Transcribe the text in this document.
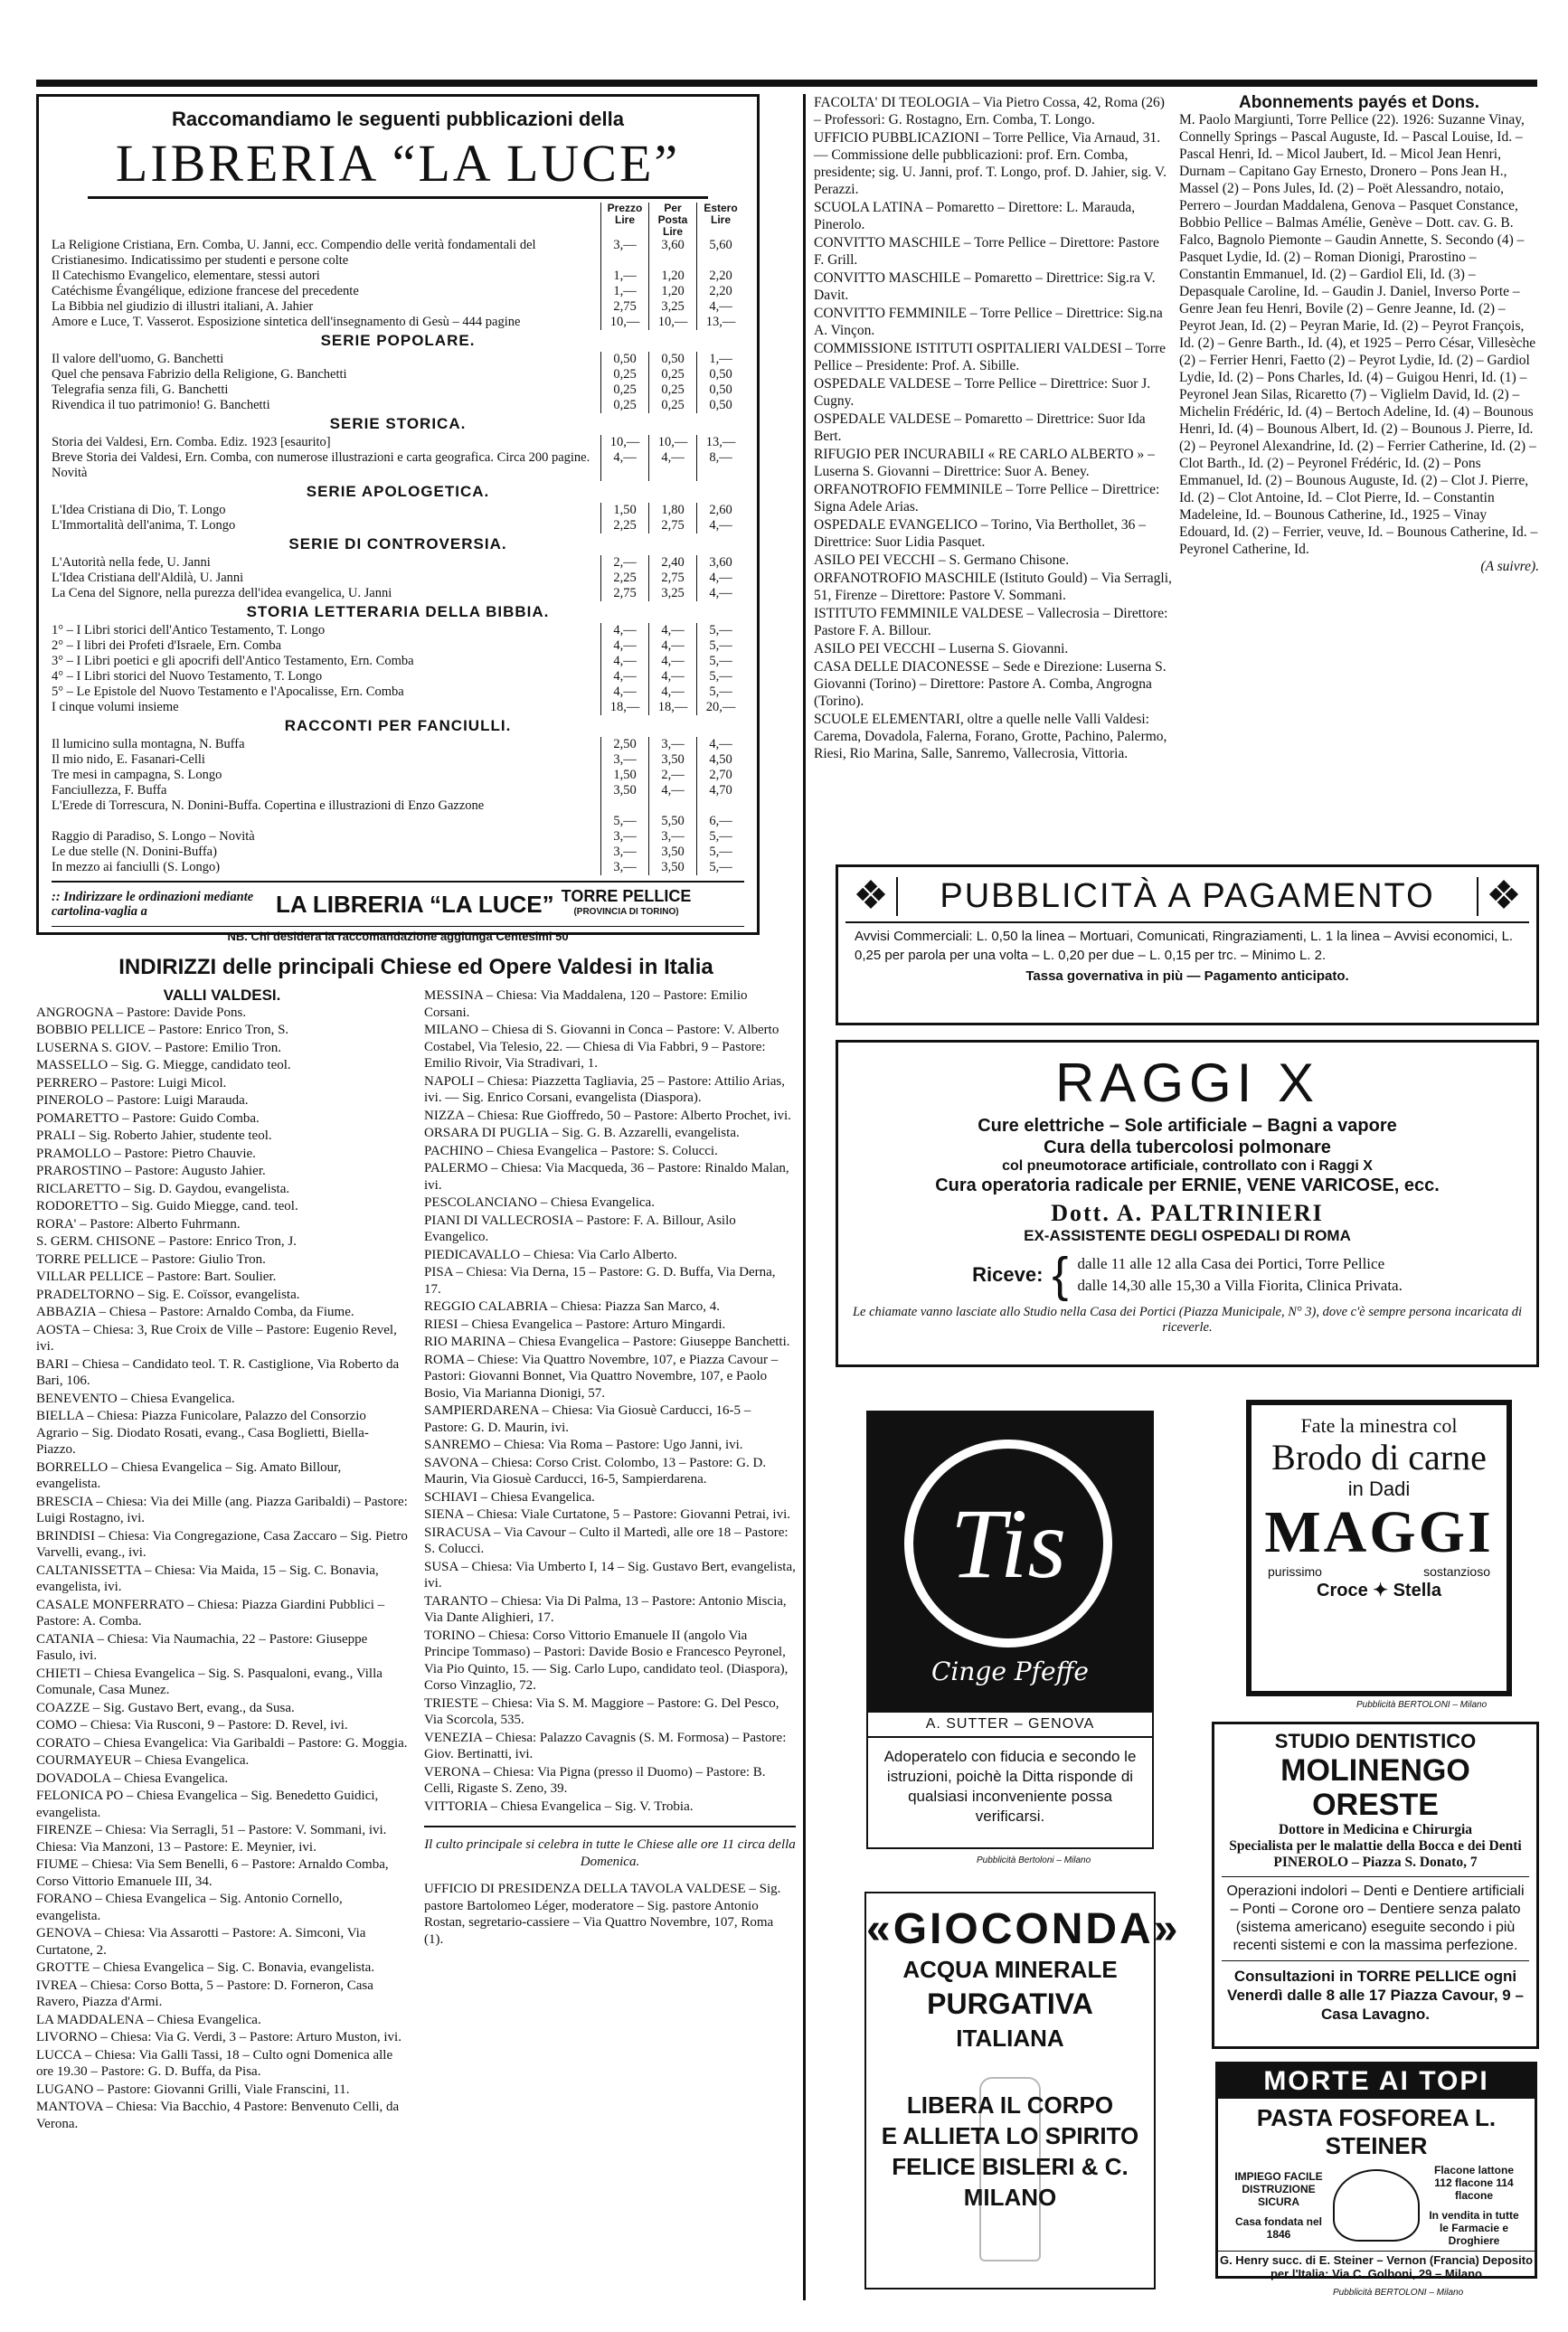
Raccomandiamo le seguenti pubblicazioni della
LIBRERIA “LA LUCE”
Prezzo Lire
Per Posta Lire
Estero Lire
La Religione Cristiana, Ern. Comba, U. Janni, ecc. Compendio delle verità fondamentali del Cristianesimo. Indicatissimo per studenti e persone colte
3,—	3,60	5,60
Il Catechismo Evangelico, elementare, stessi autori	1,—	1,20	2,20
Catéchisme Évangélique, edizione francese del precedente	1,—	1,20	2,20
La Bibbia nel giudizio di illustri italiani, A. Jahier	2,75	3,25	4,—
Amore e Luce, T. Vasserot. Esposizione sintetica dell'insegnamento di Gesù – 444 pagine	10,—	10,—	13,—
SERIE POPOLARE.
Il valore dell'uomo, G. Banchetti	0,50	0,50	1,—
Quel che pensava Fabrizio della Religione, G. Banchetti	0,25	0,25	0,50
Telegrafia senza fili, G. Banchetti	0,25	0,25	0,50
Rivendica il tuo patrimonio! G. Banchetti	0,25	0,25	0,50
SERIE STORICA.
Storia dei Valdesi, Ern. Comba. Ediz. 1923 [esaurito]	10,—	10,—	13,—
Breve Storia dei Valdesi, Ern. Comba, con numerose illustrazioni e carta geografica. Circa 200 pagine. Novità
4,—	4,—	8,—
SERIE APOLOGETICA.
L'Idea Cristiana di Dio, T. Longo	1,50	1,80	2,60
L'Immortalità dell'anima, T. Longo	2,25	2,75	4,—
SERIE DI CONTROVERSIA.
L'Autorità nella fede, U. Janni	2,—	2,40	3,60
L'Idea Cristiana dell'Aldilà, U. Janni	2,25	2,75	4,—
La Cena del Signore, nella purezza dell'idea evangelica, U. Janni	2,75	3,25	4,—
STORIA LETTERARIA DELLA BIBBIA.
1° – I Libri storici dell'Antico Testamento, T. Longo	4,—	4,—	5,—
2° – I libri dei Profeti d'Israele, Ern. Comba	4,—	4,—	5,—
3° – I Libri poetici e gli apocrifi dell'Antico Testamento, Ern. Comba	4,—	4,—	5,—
4° – I Libri storici del Nuovo Testamento, T. Longo	4,—	4,—	5,—
5° – Le Epistole del Nuovo Testamento e l'Apocalisse, Ern. Comba	4,—	4,—	5,—
I cinque volumi insieme	18,—	18,—	20,—
RACCONTI PER FANCIULLI.
Il lumicino sulla montagna, N. Buffa	2,50	3,—	4,—
Il mio nido, E. Fasanari-Celli	3,—	3,50	4,50
Tre mesi in campagna, S. Longo	1,50	2,—	2,70
Fanciullezza, F. Buffa	3,50	4,—	4,70
L'Erede di Torrescura, N. Donini-Buffa. Copertina e illustrazioni di Enzo Gazzone
5,—	5,50	6,—
Raggio di Paradiso, S. Longo – Novità	3,—	3,—	5,—
Le due stelle (N. Donini-Buffa)	3,—	3,50	5,—
In mezzo ai fanciulli (S. Longo)	3,—	3,50	5,—
:: Indirizzare le ordinazioni mediante cartolina-vaglia a	LA LIBRERIA “LA LUCE” TORRE PELLICE
(PROVINCIA DI TORINO)
NB. Chi desidera la raccomandazione aggiunga Centesimi 50
INDIRIZZI delle principali Chiese ed Opere Valdesi in Italia
VALLI VALDESI.
ANGROGNA – Pastore: Davide Pons.
BOBBIO PELLICE – Pastore: Enrico Tron, S.
LUSERNA S. GIOV. – Pastore: Emilio Tron.
MASSELLO – Sig. G. Miegge, candidato teol.
PERRERO – Pastore: Luigi Micol.
PINEROLO – Pastore: Luigi Marauda.
POMARETTO – Pastore: Guido Comba.
PRALI – Sig. Roberto Jahier, studente teol.
PRAMOLLO – Pastore: Pietro Chauvie.
PRAROSTINO – Pastore: Augusto Jahier.
RICLARETTO – Sig. D. Gaydou, evangelista.
RODORETTO – Sig. Guido Miegge, cand. teol.
RORA' – Pastore: Alberto Fuhrmann.
S. GERM. CHISONE – Pastore: Enrico Tron, J.
TORRE PELLICE – Pastore: Giulio Tron.
VILLAR PELLICE – Pastore: Bart. Soulier.
PRADELTORNO – Sig. E. Coïssor, evangelista.
ABBAZIA – Chiesa – Pastore: Arnaldo Comba, da Fiume.
AOSTA – Chiesa: 3, Rue Croix de Ville – Pastore: Eugenio Revel, ivi.
BARI – Chiesa – Candidato teol. T. R. Castiglione, Via Roberto da Bari, 106.
BENEVENTO – Chiesa Evangelica.
BIELLA – Chiesa: Piazza Funicolare, Palazzo del Consorzio Agrario – Sig. Diodato Rosati, evang., Casa Boglietti, Biella-Piazzo.
BORRELLO – Chiesa Evangelica – Sig. Amato Billour, evangelista.
BRESCIA – Chiesa: Via dei Mille (ang. Piazza Garibaldi) – Pastore: Luigi Rostagno, ivi.
BRINDISI – Chiesa: Via Congregazione, Casa Zaccaro – Sig. Pietro Varvelli, evang., ivi.
CALTANISSETTA – Chiesa: Via Maida, 15 – Sig. C. Bonavia, evangelista, ivi.
CASALE MONFERRATO – Chiesa: Piazza Giardini Pubblici – Pastore: A. Comba.
CATANIA – Chiesa: Via Naumachia, 22 – Pastore: Giuseppe Fasulo, ivi.
CHIETI – Chiesa Evangelica – Sig. S. Pasqualoni, evang., Villa Comunale, Casa Munez.
COAZZE – Sig. Gustavo Bert, evang., da Susa.
COMO – Chiesa: Via Rusconi, 9 – Pastore: D. Revel, ivi.
CORATO – Chiesa Evangelica: Via Garibaldi – Pastore: G. Moggia.
COURMAYEUR – Chiesa Evangelica.
DOVADOLA – Chiesa Evangelica.
FELONICA PO – Chiesa Evangelica – Sig. Benedetto Guidici, evangelista.
FIRENZE – Chiesa: Via Serragli, 51 – Pastore: V. Sommani, ivi. Chiesa: Via Manzoni, 13 – Pastore: E. Meynier, ivi.
FIUME – Chiesa: Via Sem Benelli, 6 – Pastore: Arnaldo Comba, Corso Vittorio Emanuele III, 34.
FORANO – Chiesa Evangelica – Sig. Antonio Cornello, evangelista.
GENOVA – Chiesa: Via Assarotti – Pastore: A. Simconi, Via Curtatone, 2.
GROTTE – Chiesa Evangelica – Sig. C. Bonavia, evangelista.
IVREA – Chiesa: Corso Botta, 5 – Pastore: D. Forneron, Casa Ravero, Piazza d'Armi.
LA MADDALENA – Chiesa Evangelica.
LIVORNO – Chiesa: Via G. Verdi, 3 – Pastore: Arturo Muston, ivi.
LUCCA – Chiesa: Via Galli Tassi, 18 – Culto ogni Domenica alle ore 19.30 – Pastore: G. D. Buffa, da Pisa.
LUGANO – Pastore: Giovanni Grilli, Viale Franscini, 11.
MANTOVA – Chiesa: Via Bacchio, 4 Pastore: Benvenuto Celli, da Verona.
MESSINA – Chiesa: Via Maddalena, 120 – Pastore: Emilio Corsani.
MILANO – Chiesa di S. Giovanni in Conca – Pastore: V. Alberto Costabel, Via Telesio, 22. — Chiesa di Via Fabbri, 9 – Pastore: Emilio Rivoir, Via Stradivari, 1.
NAPOLI – Chiesa: Piazzetta Tagliavia, 25 – Pastore: Attilio Arias, ivi. — Sig. Enrico Corsani, evangelista (Diaspora).
NIZZA – Chiesa: Rue Gioffredo, 50 – Pastore: Alberto Prochet, ivi.
ORSARA DI PUGLIA – Sig. G. B. Azzarelli, evangelista.
PACHINO – Chiesa Evangelica – Pastore: S. Colucci.
PALERMO – Chiesa: Via Macqueda, 36 – Pastore: Rinaldo Malan, ivi.
PESCOLANCIANO – Chiesa Evangelica.
PIANI DI VALLECROSIA – Pastore: F. A. Billour, Asilo Evangelico.
PIEDICAVALLO – Chiesa: Via Carlo Alberto.
PISA – Chiesa: Via Derna, 15 – Pastore: G. D. Buffa, Via Derna, 17.
REGGIO CALABRIA – Chiesa: Piazza San Marco, 4.
RIESI – Chiesa Evangelica – Pastore: Arturo Mingardi.
RIO MARINA – Chiesa Evangelica – Pastore: Giuseppe Banchetti.
ROMA – Chiese: Via Quattro Novembre, 107, e Piazza Cavour – Pastori: Giovanni Bonnet, Via Quattro Novembre, 107, e Paolo Bosio, Via Marianna Dionigi, 57.
SAMPIERDARENA – Chiesa: Via Giosuè Carducci, 16-5 – Pastore: G. D. Maurin, ivi.
SANREMO – Chiesa: Via Roma – Pastore: Ugo Janni, ivi.
SAVONA – Chiesa: Corso Crist. Colombo, 13 – Pastore: G. D. Maurin, Via Giosuè Carducci, 16-5, Sampierdarena.
SCHIAVI – Chiesa Evangelica.
SIENA – Chiesa: Viale Curtatone, 5 – Pastore: Giovanni Petrai, ivi.
SIRACUSA – Via Cavour – Culto il Martedì, alle ore 18 – Pastore: S. Colucci.
SUSA – Chiesa: Via Umberto I, 14 – Sig. Gustavo Bert, evangelista, ivi.
TARANTO – Chiesa: Via Di Palma, 13 – Pastore: Antonio Miscia, Via Dante Alighieri, 17.
TORINO – Chiesa: Corso Vittorio Emanuele II (angolo Via Principe Tommaso) – Pastori: Davide Bosio e Francesco Peyronel, Via Pio Quinto, 15. — Sig. Carlo Lupo, candidato teol. (Diaspora), Corso Vinzaglio, 72.
TRIESTE – Chiesa: Via S. M. Maggiore – Pastore: G. Del Pesco, Via Scorcola, 535.
VENEZIA – Chiesa: Palazzo Cavagnis (S. M. Formosa) – Pastore: Giov. Bertinatti, ivi.
VERONA – Chiesa: Via Pigna (presso il Duomo) – Pastore: B. Celli, Rigaste S. Zeno, 39.
VITTORIA – Chiesa Evangelica – Sig. V. Trobia.
Il culto principale si celebra in tutte le Chiese alle ore 11 circa della Domenica.
UFFICIO DI PRESIDENZA DELLA TAVOLA VALDESE – Sig. pastore Bartolomeo Léger, moderatore – Sig. pastore Antonio Rostan, segretario-cassiere – Via Quattro Novembre, 107, Roma (1).
FACOLTA' DI TEOLOGIA – Via Pietro Cossa, 42, Roma (26) – Professori: G. Rostagno, Ern. Comba, T. Longo.
UFFICIO PUBBLICAZIONI – Torre Pellice, Via Arnaud, 31. — Commissione delle pubblicazioni: prof. Ern. Comba, presidente; sig. U. Janni, prof. T. Longo, prof. D. Jahier, sig. V. Perazzi.
SCUOLA LATINA – Pomaretto – Direttore: L. Marauda, Pinerolo.
CONVITTO MASCHILE – Torre Pellice – Direttore: Pastore F. Grill.
CONVITTO MASCHILE – Pomaretto – Direttrice: Sig.ra V. Davit.
CONVITTO FEMMINILE – Torre Pellice – Direttrice: Sig.na A. Vinçon.
COMMISSIONE ISTITUTI OSPITALIERI VALDESI – Torre Pellice – Presidente: Prof. A. Sibille.
OSPEDALE VALDESE – Torre Pellice – Direttrice: Suor J. Cugny.
OSPEDALE VALDESE – Pomaretto – Direttrice: Suor Ida Bert.
RIFUGIO PER INCURABILI « RE CARLO ALBERTO » – Luserna S. Giovanni – Direttrice: Suor A. Beney.
ORFANOTROFIO FEMMINILE – Torre Pellice – Direttrice: Signa Adele Arias.
OSPEDALE EVANGELICO – Torino, Via Berthollet, 36 – Direttrice: Suor Lidia Pasquet.
ASILO PEI VECCHI – S. Germano Chisone.
ORFANOTROFIO MASCHILE (Istituto Gould) – Via Serragli, 51, Firenze – Direttore: Pastore V. Sommani.
ISTITUTO FEMMINILE VALDESE – Vallecrosia – Direttore: Pastore F. A. Billour.
ASILO PEI VECCHI – Luserna S. Giovanni.
CASA DELLE DIACONESSE – Sede e Direzione: Luserna S. Giovanni (Torino) – Direttore: Pastore A. Comba, Angrogna (Torino).
SCUOLE ELEMENTARI, oltre a quelle nelle Valli Valdesi: Carema, Dovadola, Falerna, Forano, Grotte, Pachino, Palermo, Riesi, Rio Marina, Salle, Sanremo, Vallecrosia, Vittoria.
Abonnements payés et Dons.
M. Paolo Margiunti, Torre Pellice (22). 1926: Suzanne Vinay, Connelly Springs – Pascal Auguste, Id. – Pascal Louise, Id. – Pascal Henri, Id. – Micol Jaubert, Id. – Micol Jean Henri, Durnam – Capitano Gay Ernesto, Dronero – Pons Jean H., Massel (2) – Pons Jules, Id. (2) – Poët Alessandro, notaio, Perrero – Jourdan Maddalena, Genova – Pasquet Constance, Bobbio Pellice – Balmas Amélie, Genève – Dott. cav. G. B. Falco, Bagnolo Piemonte – Gaudin Annette, S. Secondo (4) – Pasquet Lydie, Id. (2) – Roman Dionigi, Prarostino – Constantin Emmanuel, Id. (2) – Gardiol Eli, Id. (3) – Depasquale Caroline, Id. – Gaudin J. Daniel, Inverso Porte – Genre Jean feu Henri, Bovile (2) – Genre Jeanne, Id. (2) – Peyrot Jean, Id. (2) – Peyran Marie, Id. (2) – Peyrot François, Id. (2) – Genre Barth., Id. (4), et 1925 – Perro César, Villesèche (2) – Ferrier Henri, Faetto (2) – Peyrot Lydie, Id. (2) – Gardiol Lydie, Id. (2) – Pons Charles, Id. (4) – Guigou Henri, Id. (1) – Peyronel Jean Silas, Ricaretto (7) – Viglielm David, Id. (2) – Michelin Frédéric, Id. (4) – Bertoch Adeline, Id. (4) – Bounous Henri, Id. (4) – Bounous Albert, Id. (2) – Bounous J. Pierre, Id. (2) – Peyronel Alexandrine, Id. (2) – Ferrier Catherine, Id. (2) – Clot Barth., Id. (2) – Peyronel Frédéric, Id. (2) – Pons Emmanuel, Id. (2) – Bounous Auguste, Id. (2) – Clot J. Pierre, Id. (2) – Clot Antoine, Id. – Clot Pierre, Id. – Constantin Madeleine, Id. – Bounous Catherine, Id., 1925 – Vinay Edouard, Id. (2) – Ferrier, veuve, Id. – Bounous Catherine, Id. – Peyronel Catherine, Id.
(A suivre).
❖	PUBBLICITÀ A PAGAMENTO	❖
Avvisi Commerciali: L. 0,50 la linea – Mortuari, Comunicati, Ringraziamenti, L. 1 la linea – Avvisi economici, L. 0,25 per parola per una volta – L. 0,20 per due – L. 0,15 per trc. – Minimo L. 2.
Tassa governativa in più — Pagamento anticipato.
RAGGI X
Cure elettriche – Sole artificiale – Bagni a vapore
Cura della tubercolosi polmonare
col pneumotorace artificiale, controllato con i Raggi X
Cura operatoria radicale per ERNIE, VENE VARICOSE, ecc.
Dott. A. PALTRINIERI
EX-ASSISTENTE DEGLI OSPEDALI DI ROMA
Riceve: { dalle 11 alle 12 alla Casa dei Portici, Torre Pellice
dalle 14,30 alle 15,30 a Villa Fiorita, Clinica Privata.
Le chiamate vanno lasciate allo Studio nella Casa dei Portici (Piazza Municipale, N° 3), dove c'è sempre persona incaricata di riceverle.
Tis
Cinge Pfeffe
A. SUTTER – GENOVA
Adoperatelo con fiducia e secondo le istruzioni, poichè la Ditta risponde di qualsiasi inconveniente possa verificarsi.
Pubblicità Bertoloni – Milano
«GIOCONDA»
ACQUA MINERALE
PURGATIVA
ITALIANA
LIBERA IL CORPO
E ALLIETA LO SPIRITO
FELICE BISLERI & C.
MILANO
Fate la minestra col
Brodo di carne
in Dadi
MAGGI
purissimo	sostanzioso
Croce ✦ Stella
Pubblicità BERTOLONI – Milano
STUDIO DENTISTICO
MOLINENGO ORESTE
Dottore in Medicina e Chirurgia
Specialista per le malattie della Bocca e dei Denti
PINEROLO – Piazza S. Donato, 7
Operazioni indolori – Denti e Dentiere artificiali – Ponti – Corone oro – Dentiere senza palato (sistema americano) eseguite secondo i più recenti sistemi e con la massima perfezione.
Consultazioni in TORRE PELLICE ogni Venerdì dalle 8 alle 17 Piazza Cavour, 9 – Casa Lavagno.
MORTE AI TOPI
PASTA FOSFOREA L. STEINER
IMPIEGO FACILE DISTRUZIONE SICURA
Casa fondata nel 1846
Flacone lattone 112 flacone 114 flacone
In vendita in tutte le Farmacie e Droghiere
G. Henry succ. di E. Steiner – Vernon (Francia) Deposito per l'Italia: Via C. Golboni, 29 – Milano
Pubblicità BERTOLONI – Milano
